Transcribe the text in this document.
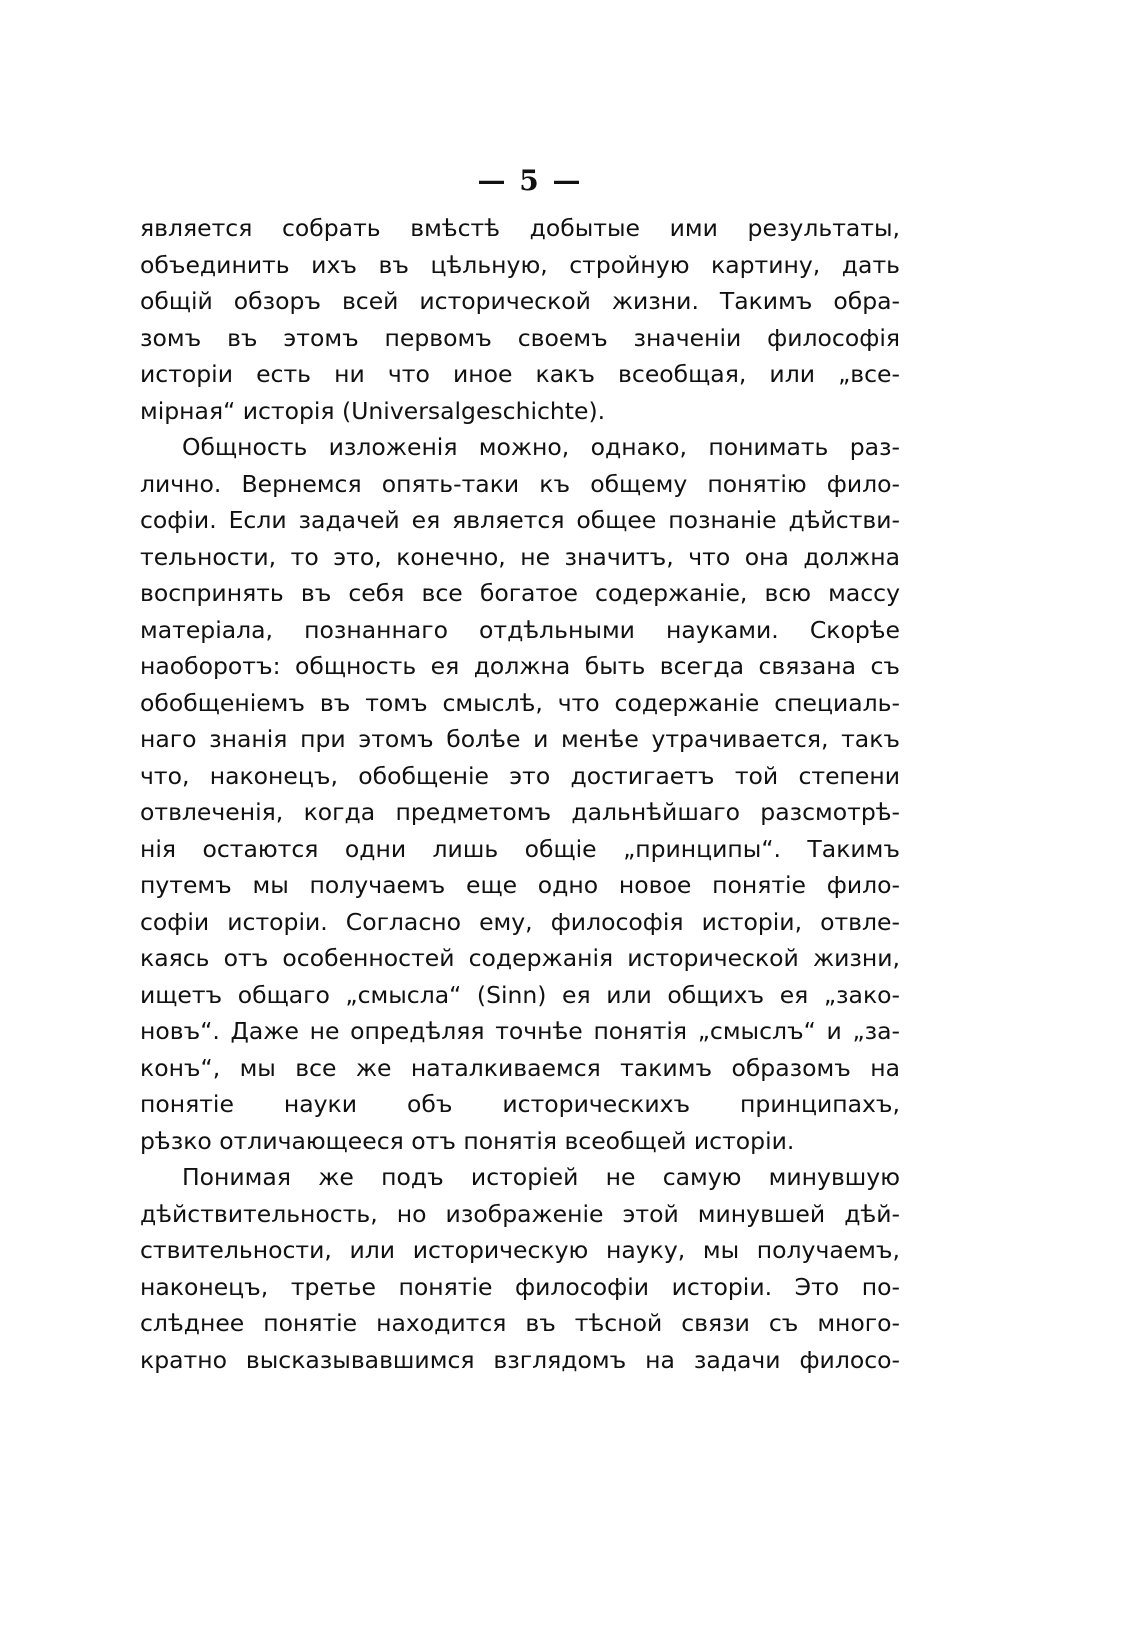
— 5 —
является собрать вмѣстѣ добытые ими результаты,
объединить ихъ въ цѣльную, стройную картину, дать
общій обзоръ всей исторической жизни. Такимъ обра-
зомъ въ этомъ первомъ своемъ значеніи философія
исторіи есть ни что иное какъ всеобщая, или „все-
мірная“ исторія (Universalgeschichte).
Общность изложенія можно, однако, понимать раз-
лично. Вернемся опять-таки къ общему понятію фило-
софіи. Если задачей ея является общее познаніе дѣйстви-
тельности, то это, конечно, не значитъ, что она должна
воспринять въ себя все богатое содержаніе, всю массу
матеріала, познаннаго отдѣльными науками. Скорѣе
наоборотъ: общность ея должна быть всегда связана съ
обобщеніемъ въ томъ смыслѣ, что содержаніе специаль-
наго знанія при этомъ болѣе и менѣе утрачивается, такъ
что, наконецъ, обобщеніе это достигаетъ той степени
отвлеченія, когда предметомъ дальнѣйшаго разсмотрѣ-
нія остаются одни лишь общіе „принципы“. Такимъ
путемъ мы получаемъ еще одно новое понятіе фило-
софіи исторіи. Согласно ему, философія исторіи, отвле-
каясь отъ особенностей содержанія исторической жизни,
ищетъ общаго „смысла“ (Sinn) ея или общихъ ея „зако-
новъ“. Даже не опредѣляя точнѣе понятія „смыслъ“ и „за-
конъ“, мы все же наталкиваемся такимъ образомъ на
понятіе науки объ историческихъ принципахъ,
рѣзко отличающееся отъ понятія всеобщей исторіи.
Понимая же подъ исторіей не самую минувшую
дѣйствительность, но изображеніе этой минувшей дѣй-
ствительности, или историческую науку, мы получаемъ,
наконецъ, третье понятіе философіи исторіи. Это по-
слѣднее понятіе находится въ тѣсной связи съ много-
кратно высказывавшимся взглядомъ на задачи филосо-
